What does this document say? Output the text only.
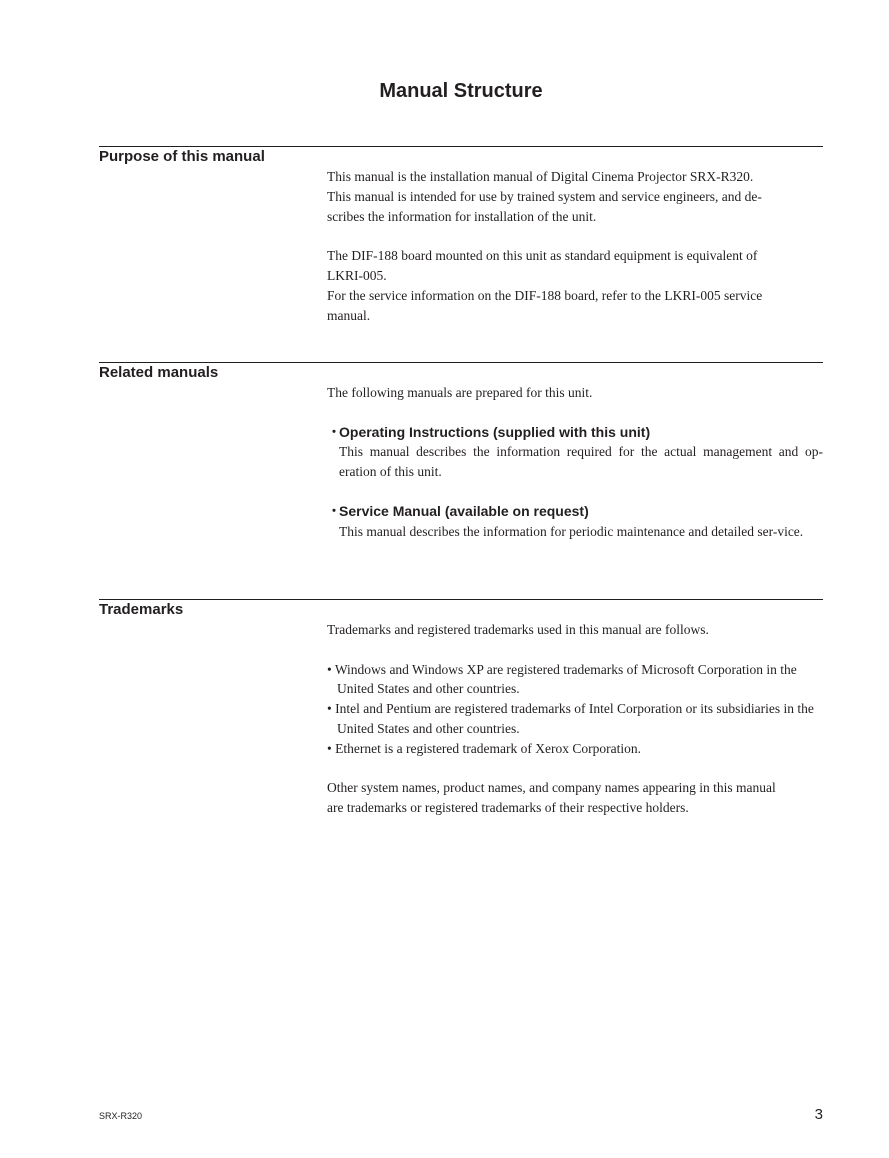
Manual Structure
Purpose of this manual

This manual is the installation manual of Digital Cinema Projector SRX-R320.

This manual is intended for use by trained system and service engineers, and de-

scribes the information for installation of the unit.

The DIF-188 board mounted on this unit as standard equipment is equivalent of

LKRI-005.

For the service information on the DIF-188 board, refer to the LKRI-005 service

manual.

Related manuals

The following manuals are prepared for this unit.

・Operating Instructions (supplied with this unit)

This manual describes the information required for the actual management and op-eration of this unit.

・Service Manual (available on request)

This manual describes the information for periodic maintenance and detailed ser-vice.

Trademarks

Trademarks and registered trademarks used in this manual are follows.

• Windows and Windows XP are registered trademarks of Microsoft Corporation in the United States and other countries.

• Intel and Pentium are registered trademarks of Intel Corporation or its subsidiaries in the United States and other countries.

• Ethernet is a registered trademark of Xerox Corporation.

Other system names, product names, and company names appearing in this manual

are trademarks or registered trademarks of their respective holders.

SRX-R320	3
